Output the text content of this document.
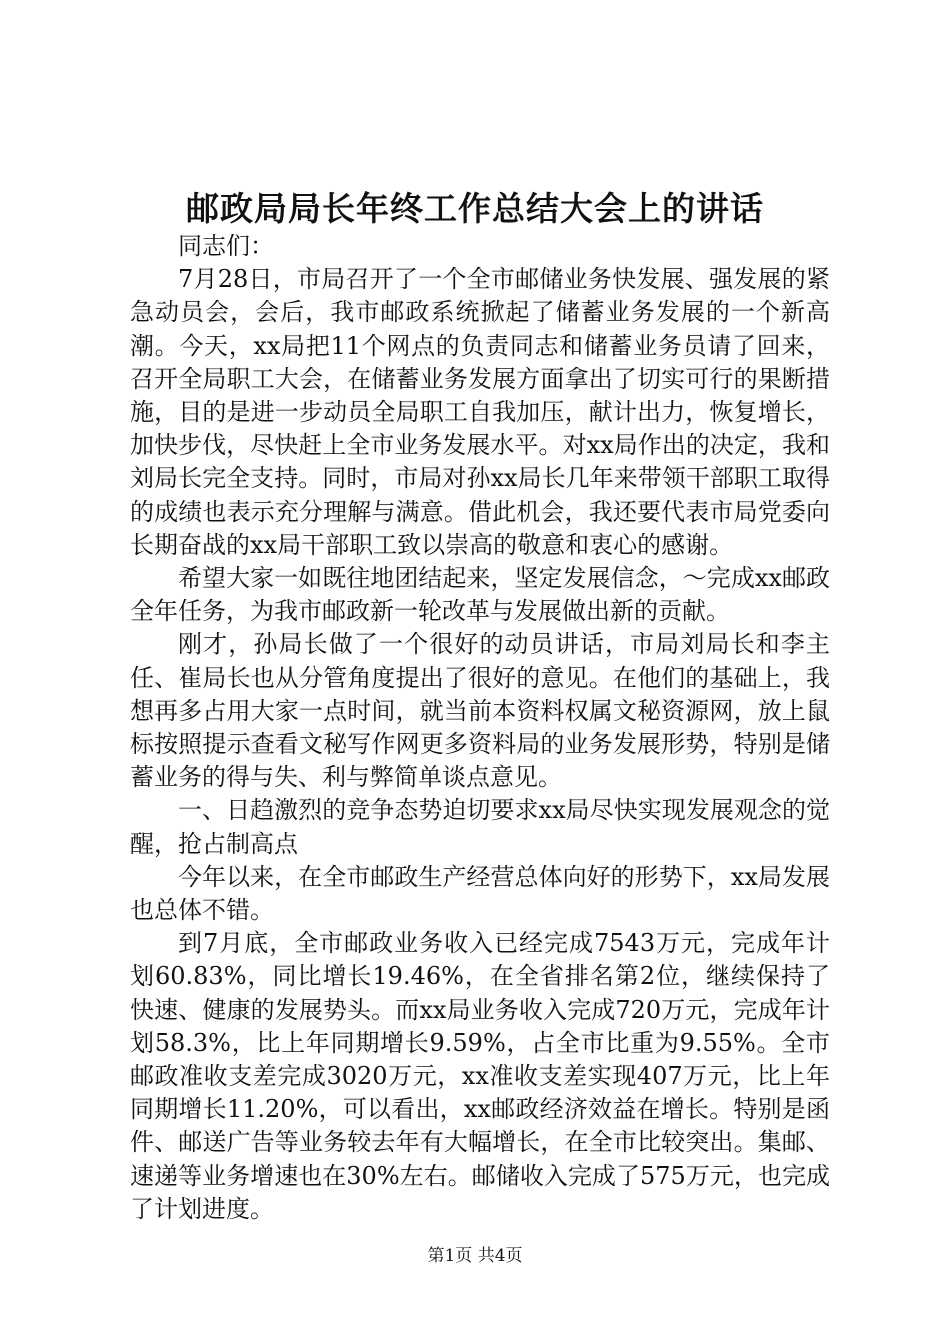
邮政局局长年终工作总结大会上的讲话

同志们：

7月28日，市局召开了一个全市邮储业务快发展、强发展的紧急动员会，会后，我市邮政系统掀起了储蓄业务发展的一个新高潮。今天，xx局把11个网点的负责同志和储蓄业务员请了回来，召开全局职工大会，在储蓄业务发展方面拿出了切实可行的果断措施，目的是进一步动员全局职工自我加压，献计出力，恢复增长，加快步伐，尽快赶上全市业务发展水平。对xx局作出的决定，我和刘局长完全支持。同时，市局对孙xx局长几年来带领干部职工取得的成绩也表示充分理解与满意。借此机会，我还要代表市局党委向长期奋战的xx局干部职工致以崇高的敬意和衷心的感谢。

希望大家一如既往地团结起来，坚定发展信念，～完成xx邮政全年任务，为我市邮政新一轮改革与发展做出新的贡献。

刚才，孙局长做了一个很好的动员讲话，市局刘局长和李主任、崔局长也从分管角度提出了很好的意见。在他们的基础上，我想再多占用大家一点时间，就当前本资料权属文秘资源网，放上鼠标按照提示查看文秘写作网更多资料局的业务发展形势，特别是储蓄业务的得与失、利与弊简单谈点意见。

一、日趋激烈的竞争态势迫切要求xx局尽快实现发展观念的觉醒，抢占制高点

今年以来，在全市邮政生产经营总体向好的形势下，xx局发展也总体不错。

到7月底，全市邮政业务收入已经完成7543万元，完成年计划60.83%，同比增长19.46%，在全省排名第2位，继续保持了快速、健康的发展势头。而xx局业务收入完成720万元，完成年计划58.3%，比上年同期增长9.59%，占全市比重为9.55%。全市邮政准收支差完成3020万元，xx准收支差实现407万元，比上年同期增长11.20%，可以看出，xx邮政经济效益在增长。特别是函件、邮送广告等业务较去年有大幅增长，在全市比较突出。集邮、速递等业务增速也在30%左右。邮储收入完成了575万元，也完成了计划进度。

第1页 共4页
